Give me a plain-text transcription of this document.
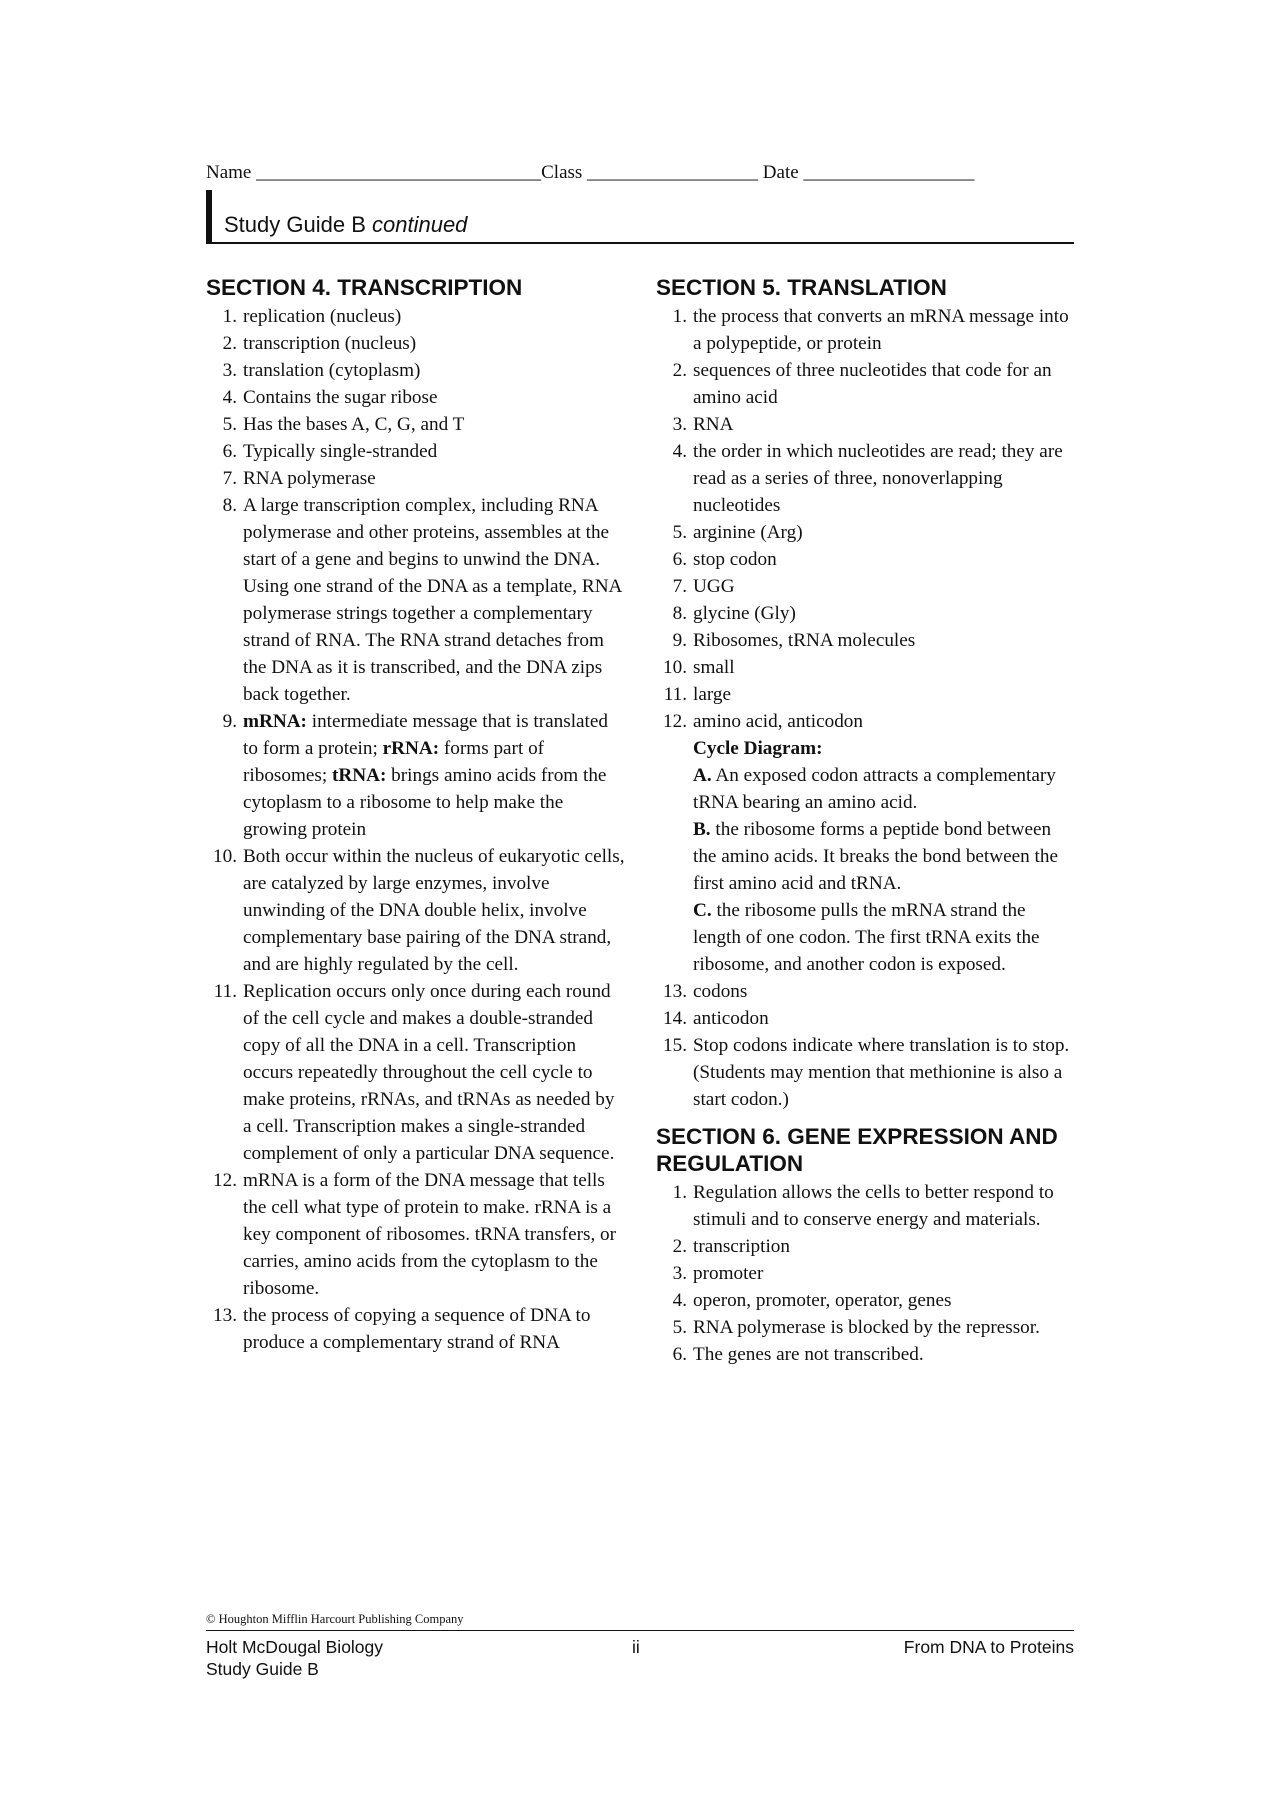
Name ______________________________Class __________________ Date __________________
Study Guide B continued
SECTION 4. TRANSCRIPTION
1. replication (nucleus)
2. transcription (nucleus)
3. translation (cytoplasm)
4. Contains the sugar ribose
5. Has the bases A, C, G, and T
6. Typically single-stranded
7. RNA polymerase
8. A large transcription complex, including RNA polymerase and other proteins, assembles at the start of a gene and begins to unwind the DNA. Using one strand of the DNA as a template, RNA polymerase strings together a complementary strand of RNA. The RNA strand detaches from the DNA as it is transcribed, and the DNA zips back together.
9. mRNA: intermediate message that is translated to form a protein; rRNA: forms part of ribosomes; tRNA: brings amino acids from the cytoplasm to a ribosome to help make the growing protein
10. Both occur within the nucleus of eukaryotic cells, are catalyzed by large enzymes, involve unwinding of the DNA double helix, involve complementary base pairing of the DNA strand, and are highly regulated by the cell.
11. Replication occurs only once during each round of the cell cycle and makes a double-stranded copy of all the DNA in a cell. Transcription occurs repeatedly throughout the cell cycle to make proteins, rRNAs, and tRNAs as needed by a cell. Transcription makes a single-stranded complement of only a particular DNA sequence.
12. mRNA is a form of the DNA message that tells the cell what type of protein to make. rRNA is a key component of ribosomes. tRNA transfers, or carries, amino acids from the cytoplasm to the ribosome.
13. the process of copying a sequence of DNA to produce a complementary strand of RNA
SECTION 5. TRANSLATION
1. the process that converts an mRNA message into a polypeptide, or protein
2. sequences of three nucleotides that code for an amino acid
3. RNA
4. the order in which nucleotides are read; they are read as a series of three, nonoverlapping nucleotides
5. arginine (Arg)
6. stop codon
7. UGG
8. glycine (Gly)
9. Ribosomes, tRNA molecules
10. small
11. large
12. amino acid, anticodon
Cycle Diagram:
A. An exposed codon attracts a complementary tRNA bearing an amino acid.
B. the ribosome forms a peptide bond between the amino acids. It breaks the bond between the first amino acid and tRNA.
C. the ribosome pulls the mRNA strand the length of one codon. The first tRNA exits the ribosome, and another codon is exposed.
13. codons
14. anticodon
15. Stop codons indicate where translation is to stop. (Students may mention that methionine is also a start codon.)
SECTION 6. GENE EXPRESSION AND REGULATION
1. Regulation allows the cells to better respond to stimuli and to conserve energy and materials.
2. transcription
3. promoter
4. operon, promoter, operator, genes
5. RNA polymerase is blocked by the repressor.
6. The genes are not transcribed.
© Houghton Mifflin Harcourt Publishing Company
Holt McDougal Biology
Study Guide B
ii	From DNA to Proteins
